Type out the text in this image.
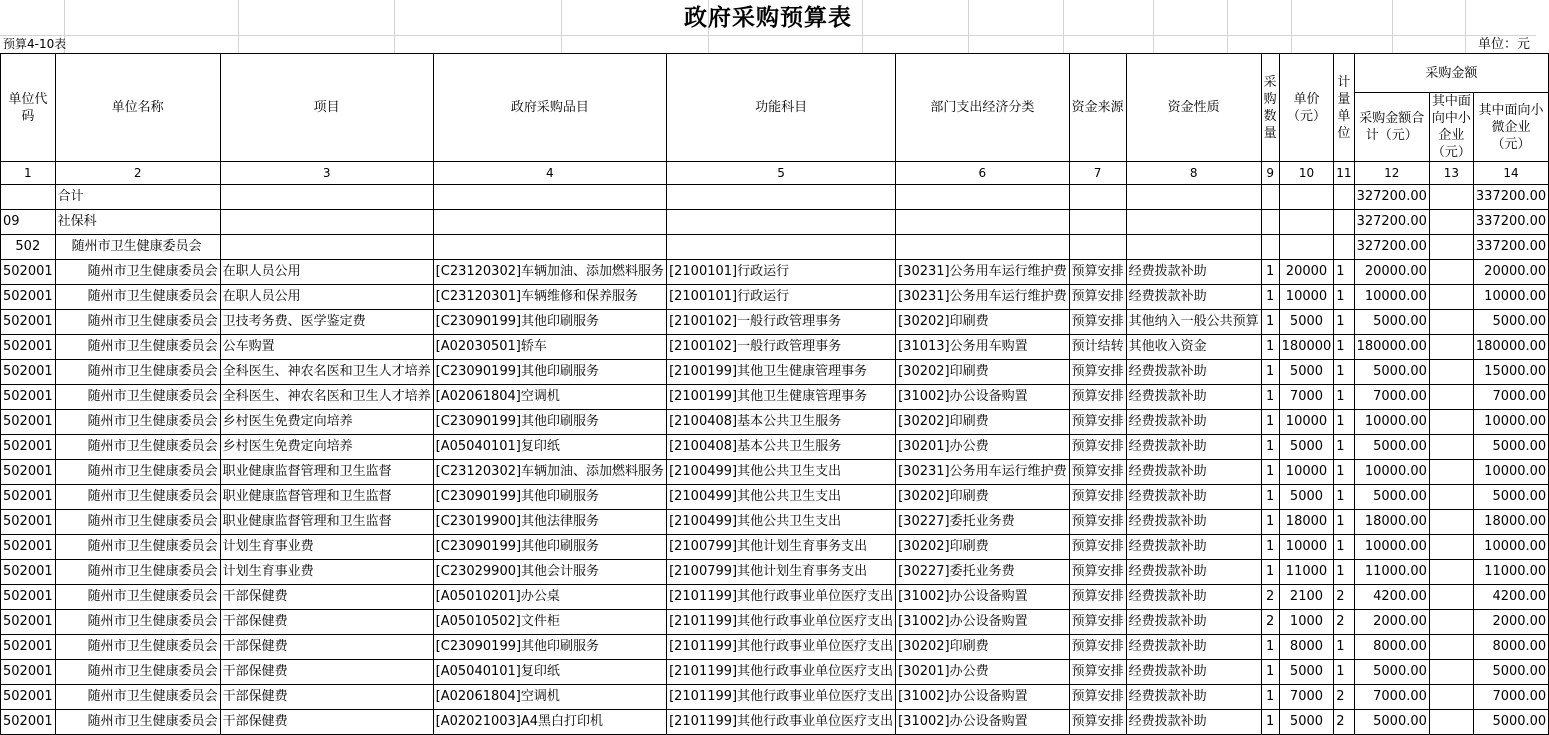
政府采购预算表
预算4-10表	单位：元
单位代码	单位名称	项目	政府采购品目	功能科目	部门支出经济分类	资金来源	资金性质	采购数量	单价（元）	计量单位	采购金额		
											采购金额合计（元）	其中面向中小企业（元）	其中面向小微企业（元）
1	2	3	4	5	6	7	8	9	10	11	12	13	14
	合计										327200.00		337200.00
09	社保科										327200.00		337200.00
502	随州市卫生健康委员会										327200.00		337200.00
502001	随州市卫生健康委员会	在职人员公用	[C23120302]车辆加油、添加燃料服务	[2100101]行政运行	[30231]公务用车运行维护费	预算安排	经费拨款补助	1	20000	1	20000.00		20000.00
502001	随州市卫生健康委员会	在职人员公用	[C23120301]车辆维修和保养服务	[2100101]行政运行	[30231]公务用车运行维护费	预算安排	经费拨款补助	1	10000	1	10000.00		10000.00
502001	随州市卫生健康委员会	卫技考务费、医学鉴定费	[C23090199]其他印刷服务	[2100102]一般行政管理事务	[30202]印刷费	预算安排	其他纳入一般公共预算	1	5000	1	5000.00		5000.00
502001	随州市卫生健康委员会	公车购置	[A02030501]轿车	[2100102]一般行政管理事务	[31013]公务用车购置	预计结转	其他收入资金	1	180000	1	180000.00		180000.00
502001	随州市卫生健康委员会	全科医生、神农名医和卫生人才培养	[C23090199]其他印刷服务	[2100199]其他卫生健康管理事务	[30202]印刷费	预算安排	经费拨款补助	1	5000	1	5000.00		15000.00
502001	随州市卫生健康委员会	全科医生、神农名医和卫生人才培养	[A02061804]空调机	[2100199]其他卫生健康管理事务	[31002]办公设备购置	预算安排	经费拨款补助	1	7000	1	7000.00		7000.00
502001	随州市卫生健康委员会	乡村医生免费定向培养	[C23090199]其他印刷服务	[2100408]基本公共卫生服务	[30202]印刷费	预算安排	经费拨款补助	1	10000	1	10000.00		10000.00
502001	随州市卫生健康委员会	乡村医生免费定向培养	[A05040101]复印纸	[2100408]基本公共卫生服务	[30201]办公费	预算安排	经费拨款补助	1	5000	1	5000.00		5000.00
502001	随州市卫生健康委员会	职业健康监督管理和卫生监督	[C23120302]车辆加油、添加燃料服务	[2100499]其他公共卫生支出	[30231]公务用车运行维护费	预算安排	经费拨款补助	1	10000	1	10000.00		10000.00
502001	随州市卫生健康委员会	职业健康监督管理和卫生监督	[C23090199]其他印刷服务	[2100499]其他公共卫生支出	[30202]印刷费	预算安排	经费拨款补助	1	5000	1	5000.00		5000.00
502001	随州市卫生健康委员会	职业健康监督管理和卫生监督	[C23019900]其他法律服务	[2100499]其他公共卫生支出	[30227]委托业务费	预算安排	经费拨款补助	1	18000	1	18000.00		18000.00
502001	随州市卫生健康委员会	计划生育事业费	[C23090199]其他印刷服务	[2100799]其他计划生育事务支出	[30202]印刷费	预算安排	经费拨款补助	1	10000	1	10000.00		10000.00
502001	随州市卫生健康委员会	计划生育事业费	[C23029900]其他会计服务	[2100799]其他计划生育事务支出	[30227]委托业务费	预算安排	经费拨款补助	1	11000	1	11000.00		11000.00
502001	随州市卫生健康委员会	干部保健费	[A05010201]办公桌	[2101199]其他行政事业单位医疗支出	[31002]办公设备购置	预算安排	经费拨款补助	2	2100	2	4200.00		4200.00
502001	随州市卫生健康委员会	干部保健费	[A05010502]文件柜	[2101199]其他行政事业单位医疗支出	[31002]办公设备购置	预算安排	经费拨款补助	2	1000	2	2000.00		2000.00
502001	随州市卫生健康委员会	干部保健费	[C23090199]其他印刷服务	[2101199]其他行政事业单位医疗支出	[30202]印刷费	预算安排	经费拨款补助	1	8000	1	8000.00		8000.00
502001	随州市卫生健康委员会	干部保健费	[A05040101]复印纸	[2101199]其他行政事业单位医疗支出	[30201]办公费	预算安排	经费拨款补助	1	5000	1	5000.00		5000.00
502001	随州市卫生健康委员会	干部保健费	[A02061804]空调机	[2101199]其他行政事业单位医疗支出	[31002]办公设备购置	预算安排	经费拨款补助	1	7000	2	7000.00		7000.00
502001	随州市卫生健康委员会	干部保健费	[A02021003]A4黑白打印机	[2101199]其他行政事业单位医疗支出	[31002]办公设备购置	预算安排	经费拨款补助	1	5000	2	5000.00		5000.00
